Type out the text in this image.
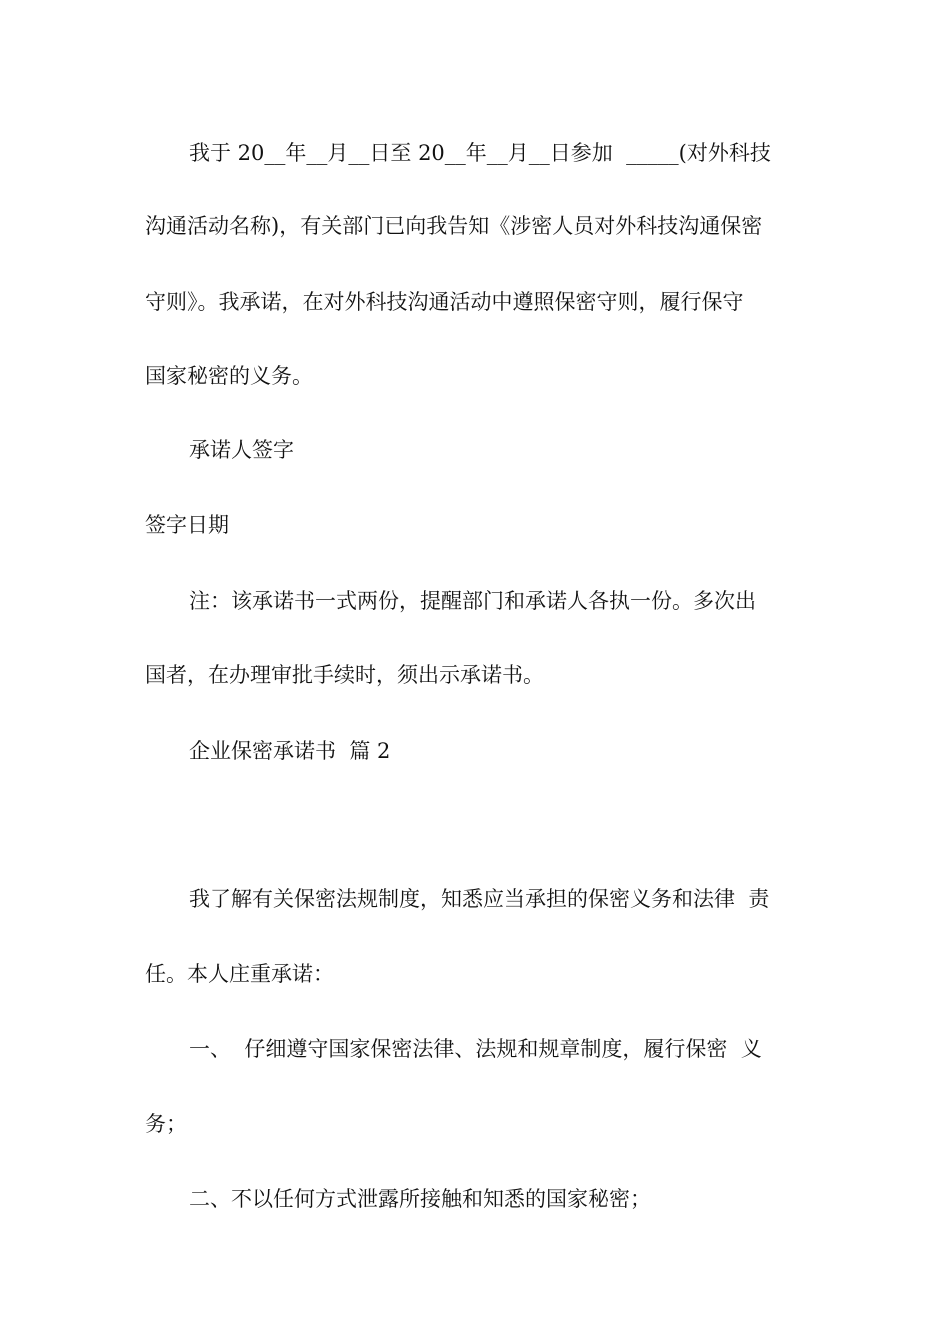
我于 20__年__月__日至 20__年__月__日参加  _____(对外科技
沟通活动名称)，有关部门已向我告知《涉密人员对外科技沟通保密
守则》。我承诺，在对外科技沟通活动中遵照保密守则，履行保守
国家秘密的义务。
承诺人签字
签字日期
注：该承诺书一式两份，提醒部门和承诺人各执一份。多次出
国者，在办理审批手续时，须出示承诺书。
企业保密承诺书  篇 2
我了解有关保密法规制度，知悉应当承担的保密义务和法律  责
任。本人庄重承诺：
一、  仔细遵守国家保密法律、法规和规章制度，履行保密  义
务；
二、不以任何方式泄露所接触和知悉的国家秘密；
